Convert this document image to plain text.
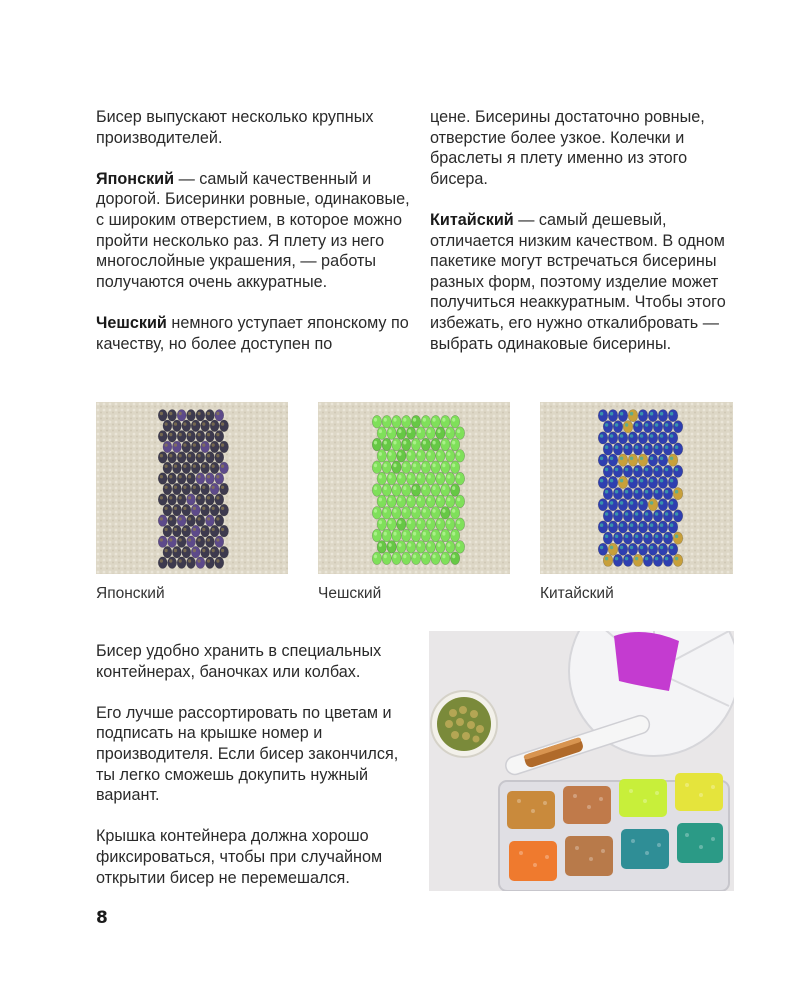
Бисер выпускают несколько крупных производителей.

Японский — самый качественный и дорогой. Бисеринки ровные, одинаковые, с широким отверстием, в которое можно пройти несколько раз. Я плету из него многослойные украшения, — работы получаются очень аккуратные.

Чешский немного уступает японскому по качеству, но более доступен по

цене. Бисерины достаточно ровные, отверстие более узкое. Колечки и браслеты я плету именно из этого бисера.

Китайский — самый дешевый, отличается низким качеством. В одном пакетике могут встречаться бисерины разных форм, поэтому изделие может получиться неаккуратным. Чтобы этого избежать, его нужно откалибровать — выбрать одинаковые бисерины.

Японский	Чешский	Китайский

Бисер удобно хранить в специальных контейнерах, баночках или колбах.

Его лучше рассортировать по цветам и подписать на крышке номер и производителя. Если бисер закончился, ты легко сможешь докупить нужный вариант.

Крышка контейнера должна хорошо фиксироваться, чтобы при случайном открытии бисер не перемешался.

8
